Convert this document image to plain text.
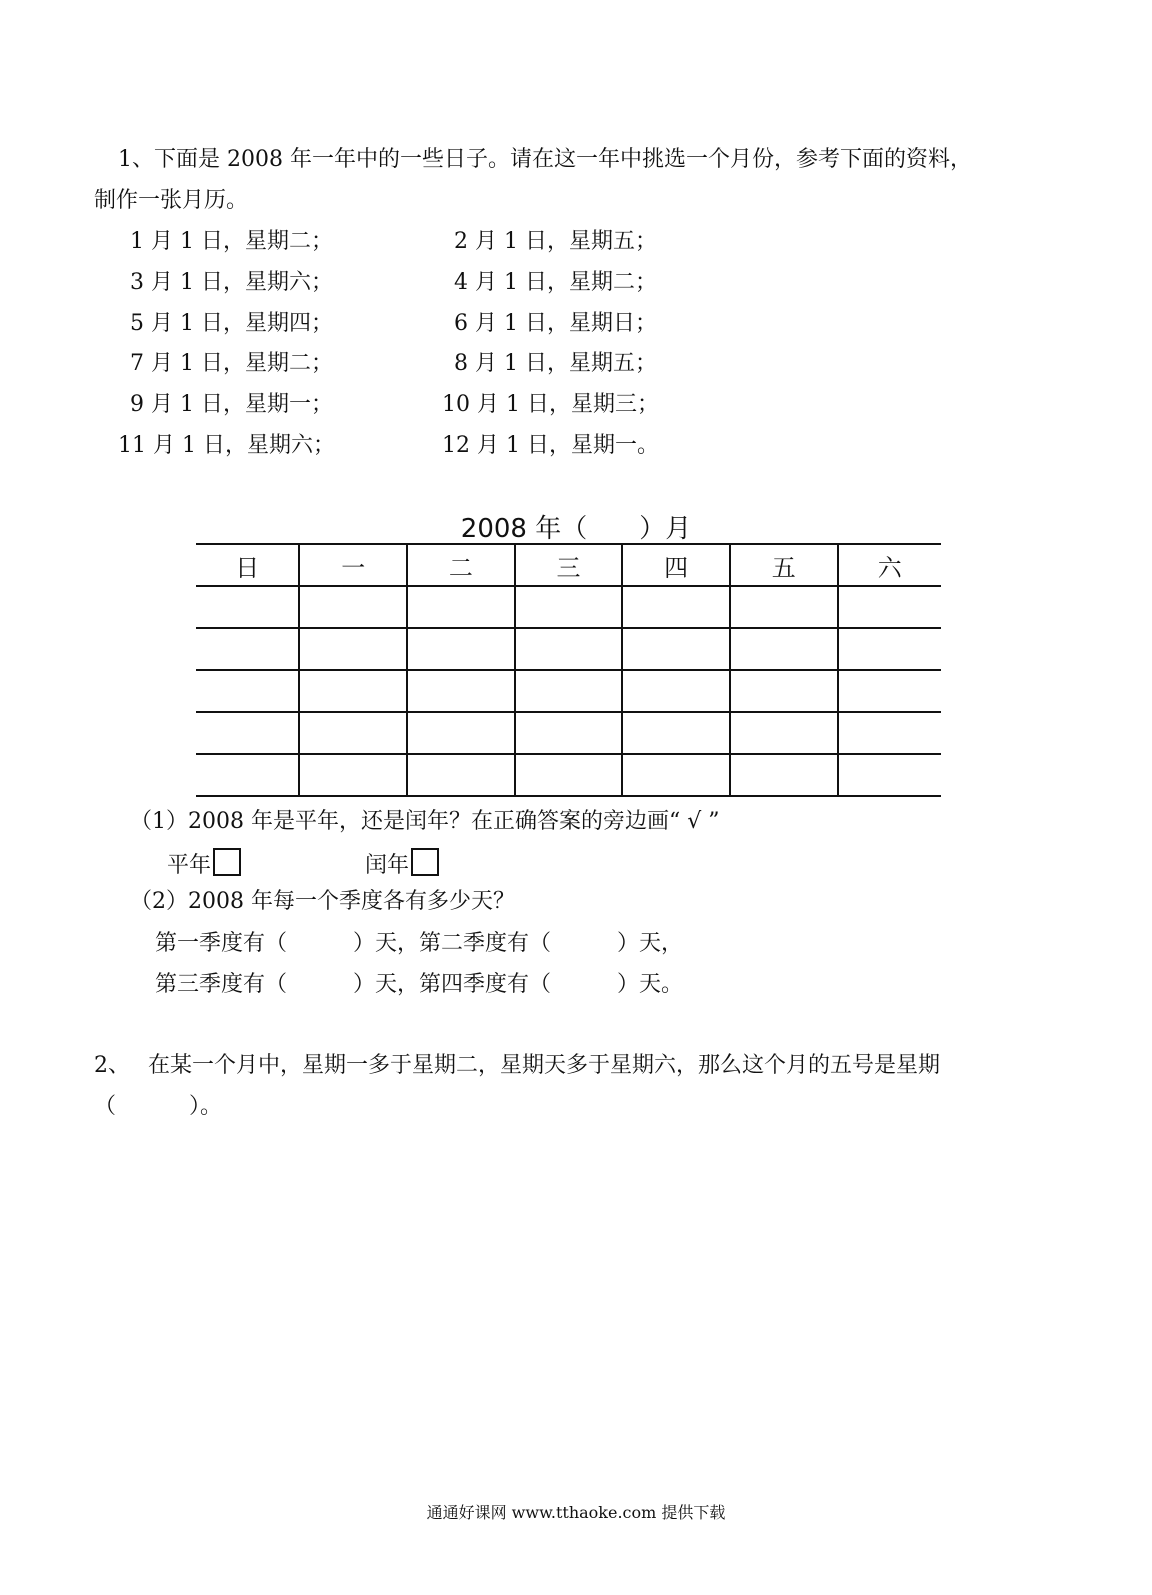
1、下面是 2008 年一年中的一些日子。请在这一年中挑选一个月份，参考下面的资料，
制作一张月历。
1 月 1 日，星期二；	2 月 1 日，星期五；
3 月 1 日，星期六；	4 月 1 日，星期二；
5 月 1 日，星期四；	6 月 1 日，星期日；
7 月 1 日，星期二；	8 月 1 日，星期五；
9 月 1 日，星期一；	10 月 1 日，星期三；
11 月 1 日，星期六；	12 月 1 日，星期一。
2008 年（　　）月
日	一	二	三	四	五	六

（1）2008 年是平年，还是闰年？在正确答案的旁边画“ √ ”
平年	闰年
（2）2008 年每一个季度各有多少天？
第一季度有（　　　）天，第二季度有（　　　）天，
第三季度有（　　　）天，第四季度有（　　　）天。
2、　 在某一个月中，星期一多于星期二，星期天多于星期六，那么这个月的五号是星期
（　　　 ）。
通通好课网 www.tthaoke.com 提供下载
